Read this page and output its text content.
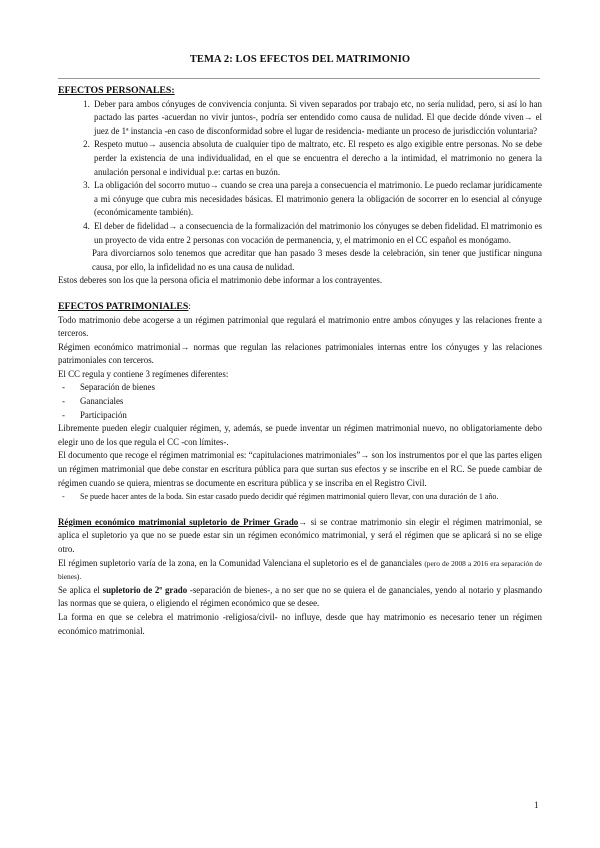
TEMA 2: LOS EFECTOS DEL MATRIMONIO

EFECTOS PERSONALES:

1. Deber para ambos cónyuges de convivencia conjunta. Si viven separados por trabajo etc, no sería nulidad, pero, si así lo han pactado las partes -acuerdan no vivir juntos-, podría ser entendido como causa de nulidad. El que decide dónde viven→ el juez de 1ª instancia -en caso de disconformidad sobre el lugar de residencia- mediante un proceso de jurisdicción voluntaria?
2. Respeto mutuo→ ausencia absoluta de cualquier tipo de maltrato, etc. El respeto es algo exigible entre personas. No se debe perder la existencia de una individualidad, en el que se encuentra el derecho a la intimidad, el matrimonio no genera la anulación personal e individual p.e: cartas en buzón.
3. La obligación del socorro mutuo→ cuando se crea una pareja a consecuencia el matrimonio. Le puedo reclamar jurídicamente a mi cónyuge que cubra mis necesidades básicas. El matrimonio genera la obligación de socorrer en lo esencial al cónyuge (económicamente también).
4. El deber de fidelidad→ a consecuencia de la formalización del matrimonio los cónyuges se deben fidelidad. El matrimonio es un proyecto de vida entre 2 personas con vocación de permanencia, y, el matrimonio en el CC español es monógamo.

Para divorciarnos solo tenemos que acreditar que han pasado 3 meses desde la celebración, sin tener que justificar ninguna causa, por ello, la infidelidad no es una causa de nulidad.

Estos deberes son los que la persona oficia el matrimonio debe informar a los contrayentes.

EFECTOS PATRIMONIALES:

Todo matrimonio debe acogerse a un régimen patrimonial que regulará el matrimonio entre ambos cónyuges y las relaciones frente a terceros.

Régimen económico matrimonial→ normas que regulan las relaciones patrimoniales internas entre los cónyuges y las relaciones patrimoniales con terceros.

El CC regula y contiene 3 regímenes diferentes:

- Separación de bienes
- Gananciales
- Participación

Libremente pueden elegir cualquier régimen, y, además, se puede inventar un régimen matrimonial nuevo, no obligatoriamente debo elegir uno de los que regula el CC -con límites-.

El documento que recoge el régimen matrimonial es: “capitulaciones matrimoniales”→ son los instrumentos por el que las partes eligen un régimen matrimonial que debe constar en escritura pública para que surtan sus efectos y se inscribe en el RC. Se puede cambiar de régimen cuando se quiera, mientras se documente en escritura pública y se inscriba en el Registro Civil.

- Se puede hacer antes de la boda. Sin estar casado puedo decidir qué régimen matrimonial quiero llevar, con una duración de 1 año.

Régimen económico matrimonial supletorio de Primer Grado→ si se contrae matrimonio sin elegir el régimen matrimonial, se aplica el supletorio ya que no se puede estar sin un régimen económico matrimonial, y será el régimen que se aplicará si no se elige otro.

El régimen supletorio varía de la zona, en la Comunidad Valenciana el supletorio es el de gananciales (pero de 2008 a 2016 era separación de bienes).

Se aplica el supletorio de 2º grado -separación de bienes-, a no ser que no se quiera el de gananciales, yendo al notario y plasmando las normas que se quiera, o eligiendo el régimen económico que se desee.

La forma en que se celebra el matrimonio -religiosa/civil- no influye, desde que hay matrimonio es necesario tener un régimen económico matrimonial.

1
